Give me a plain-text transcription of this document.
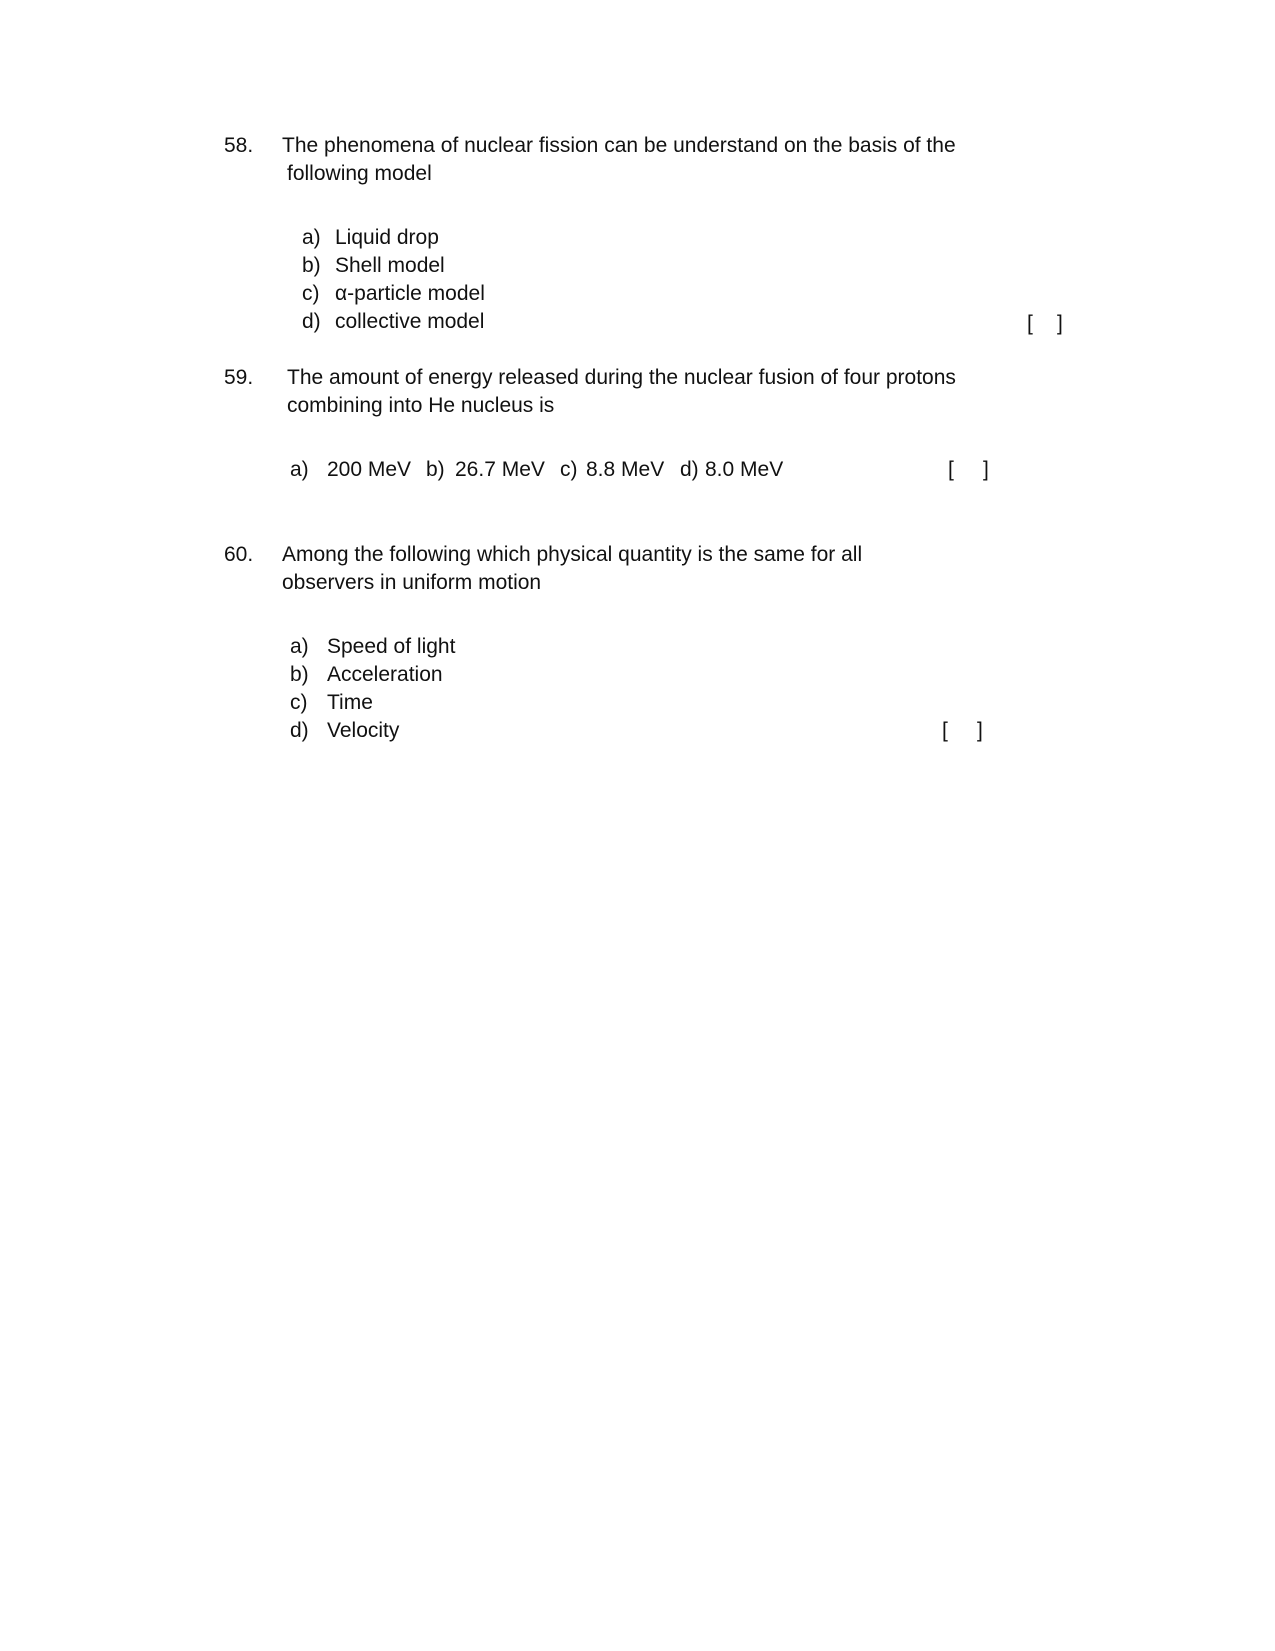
58. The phenomena of nuclear fission can be understand on the basis of the
following model
a) Liquid drop
b) Shell model
c) α-particle model
d) collective model	[ ]
59. The amount of energy released during the nuclear fusion of four protons
combining into He nucleus is
a) 200 MeV b) 26.7 MeV c) 8.8 MeV d) 8.0 MeV	[ ]
60. Among the following which physical quantity is the same for all
observers in uniform motion
a) Speed of light
b) Acceleration
c) Time
d) Velocity	[ ]
